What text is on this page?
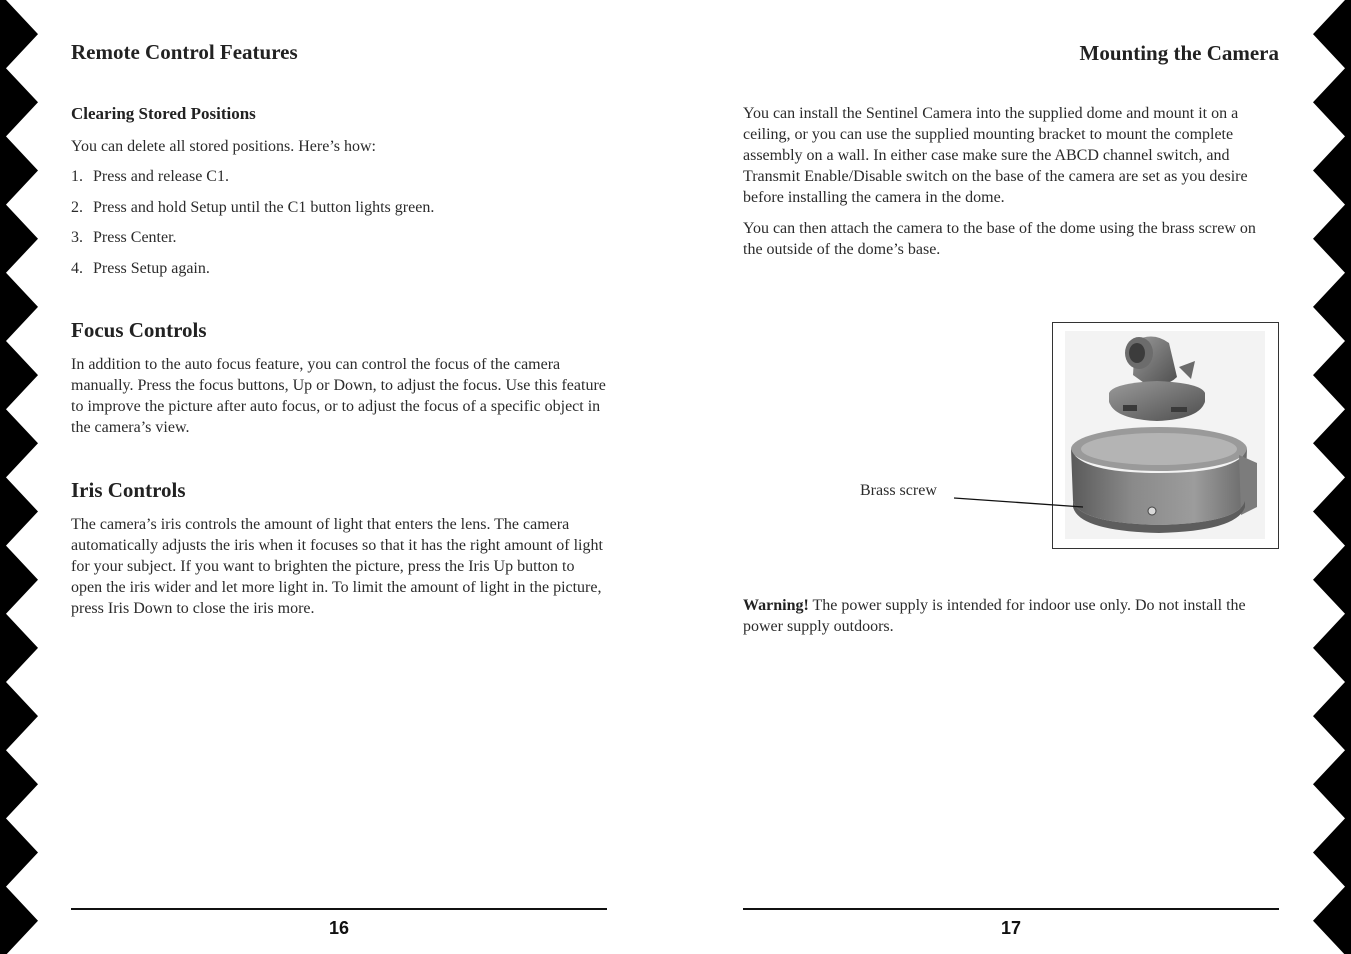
Remote Control Features
Clearing Stored Positions

You can delete all stored positions. Here’s how:

1. Press and release C1.
2. Press and hold Setup until the C1 button lights green.
3. Press Center.
4. Press Setup again.
Focus Controls

In addition to the auto focus feature, you can control the focus of the camera manually. Press the focus buttons, Up or Down, to adjust the focus. Use this feature to improve the picture after auto focus, or to adjust the focus of a specific object in the camera’s view.

Iris Controls

The camera’s iris controls the amount of light that enters the lens. The camera automatically adjusts the iris when it focuses so that it has the right amount of light for your subject. If you want to brighten the picture, press the Iris Up button to open the iris wider and let more light in. To limit the amount of light in the picture, press Iris Down to close the iris more.

16
Mounting the Camera

You can install the Sentinel Camera into the supplied dome and mount it on a ceiling, or you can use the supplied mounting bracket to mount the complete assembly on a wall. In either case make sure the ABCD channel switch, and Transmit Enable/Disable switch on the base of the camera are set as you desire before installing the camera in the dome.

You can then attach the camera to the base of the dome using the brass screw on the outside of the dome’s base.

Brass screw

Warning! The power supply is intended for indoor use only. Do not install the power supply outdoors.

17
